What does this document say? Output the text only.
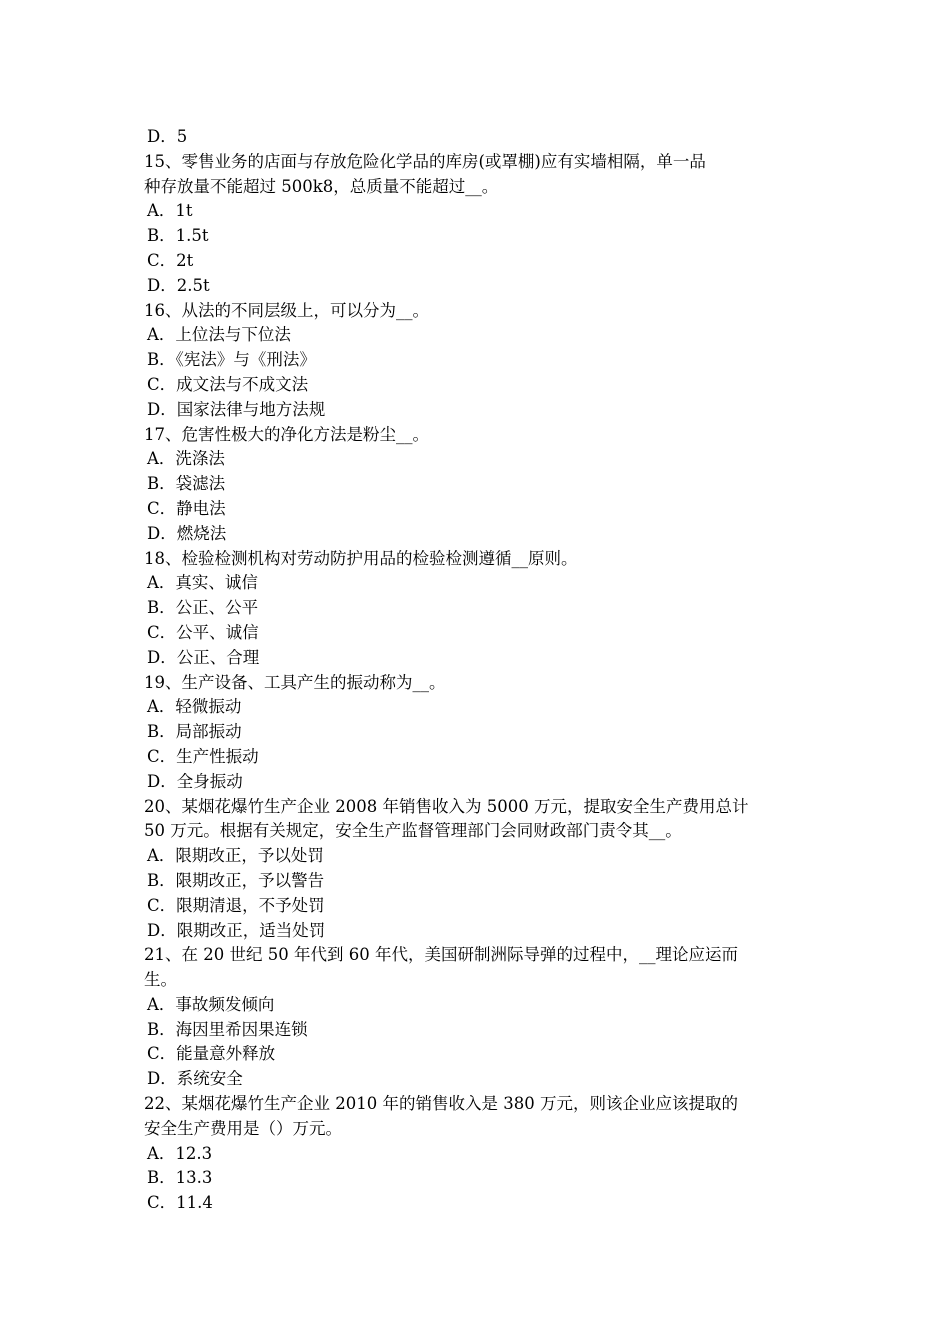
D．5
15、零售业务的店面与存放危险化学品的库房(或罩棚)应有实墙相隔，单一品
种存放量不能超过 500k8，总质量不能超过__。
A．1t
B．1.5t
C．2t
D．2.5t
16、从法的不同层级上，可以分为__。
A．上位法与下位法
B．《宪法》与《刑法》
C．成文法与不成文法
D．国家法律与地方法规
17、危害性极大的净化方法是粉尘__。
A．洗涤法
B．袋滤法
C．静电法
D．燃烧法
18、检验检测机构对劳动防护用品的检验检测遵循__原则。
A．真实、诚信
B．公正、公平
C．公平、诚信
D．公正、合理
19、生产设备、工具产生的振动称为__。
A．轻微振动
B．局部振动
C．生产性振动
D．全身振动
20、某烟花爆竹生产企业 2008 年销售收入为 5000 万元，提取安全生产费用总计
50 万元。根据有关规定，安全生产监督管理部门会同财政部门责令其__。
A．限期改正，予以处罚
B．限期改正，予以警告
C．限期清退，不予处罚
D．限期改正，适当处罚
21、在 20 世纪 50 年代到 60 年代，美国研制洲际导弹的过程中，__理论应运而
生。
A．事故频发倾向
B．海因里希因果连锁
C．能量意外释放
D．系统安全
22、某烟花爆竹生产企业 2010 年的销售收入是 380 万元，则该企业应该提取的
安全生产费用是（）万元。
A．12.3
B．13.3
C．11.4
